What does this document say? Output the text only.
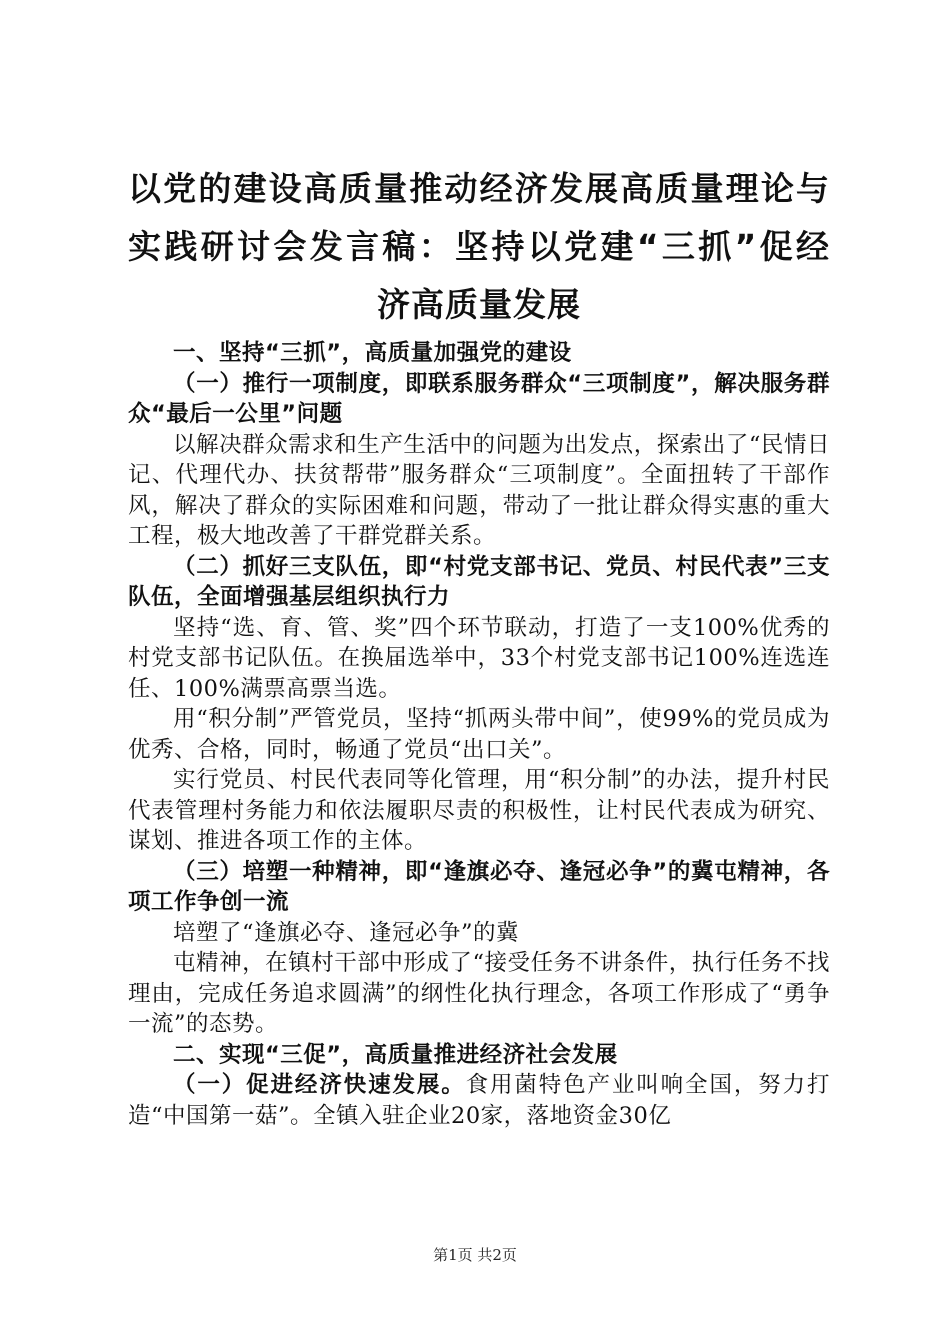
以党的建设高质量推动经济发展高质量理论与
实践研讨会发言稿：坚持以党建“三抓”促经
济高质量发展

一、坚持“三抓”，高质量加强党的建设

（一）推行一项制度，即联系服务群众“三项制度”，解决服务群众“最后一公里”问题

以解决群众需求和生产生活中的问题为出发点，探索出了“民情日记、代理代办、扶贫帮带”服务群众“三项制度”。全面扭转了干部作风，解决了群众的实际困难和问题，带动了一批让群众得实惠的重大工程，极大地改善了干群党群关系。

（二）抓好三支队伍，即“村党支部书记、党员、村民代表”三支队伍，全面增强基层组织执行力

坚持“选、育、管、奖”四个环节联动，打造了一支100%优秀的村党支部书记队伍。在换届选举中，33个村党支部书记100%连选连任、100%满票高票当选。

用“积分制”严管党员，坚持“抓两头带中间”，使99%的党员成为优秀、合格，同时，畅通了党员“出口关”。

实行党员、村民代表同等化管理，用“积分制”的办法，提升村民代表管理村务能力和依法履职尽责的积极性，让村民代表成为研究、谋划、推进各项工作的主体。

（三）培塑一种精神，即“逢旗必夺、逢冠必争”的冀屯精神，各项工作争创一流

培塑了“逢旗必夺、逢冠必争”的冀

屯精神，在镇村干部中形成了“接受任务不讲条件，执行任务不找理由，完成任务追求圆满”的纲性化执行理念，各项工作形成了“勇争一流”的态势。

二、实现“三促”，高质量推进经济社会发展

（一）促进经济快速发展。食用菌特色产业叫响全国，努力打造“中国第一菇”。全镇入驻企业20家，落地资金30亿

第1页 共2页
